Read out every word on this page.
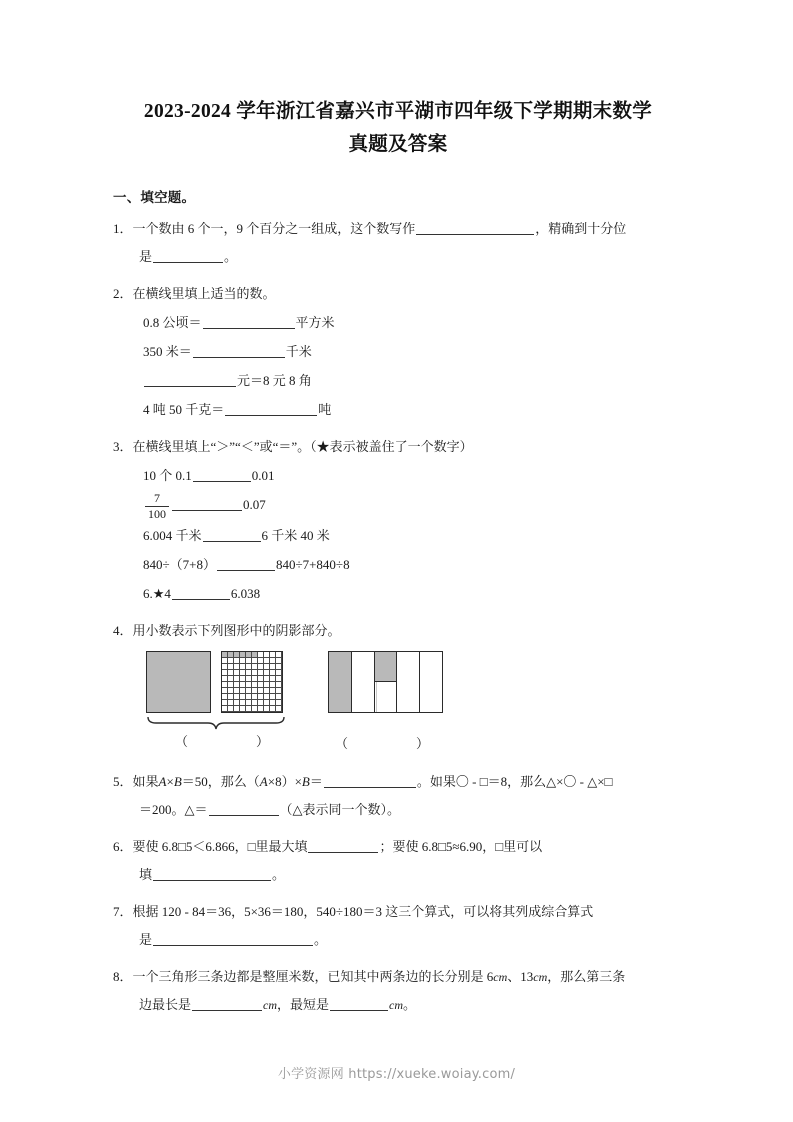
2023-2024 学年浙江省嘉兴市平湖市四年级下学期期末数学
真题及答案
一、填空题。
1．一个数由 6 个一，9 个百分之一组成，这个数写作	，精确到十分位
是	。
2．在横线里填上适当的数。
0.8 公顷＝	平方米
350 米＝	千米
元＝8 元 8 角
4 吨 50 千克＝	吨
3．在横线里填上“＞”“＜”或“＝”。（★表示被盖住了一个数字）
10 个 0.1	0.01
$\frac{7}{100}$	0.07
6.004 千米	6 千米 40 米
840÷（7+8）	840÷7+840÷8
6.★4	6.038
4．用小数表示下列图形中的阴影部分。
（　　）	（　　）
5．如果A×B＝50，那么（A×8）×B＝	。如果〇 - □＝8，那么△×〇 - △×□
＝200。△＝	（△表示同一个数）。
6．要使 6.8□5＜6.866，□里最大填	；要使 6.8□5≈6.90，□里可以
填	。
7．根据 120 - 84＝36，5×36＝180，540÷180＝3 这三个算式，可以将其列成综合算式
是	。
8．一个三角形三条边都是整厘米数，已知其中两条边的长分别是 6cm、13cm，那么第三条
边最长是	cm，最短是	cm。
小学资源网 https://xueke.woiay.com/
